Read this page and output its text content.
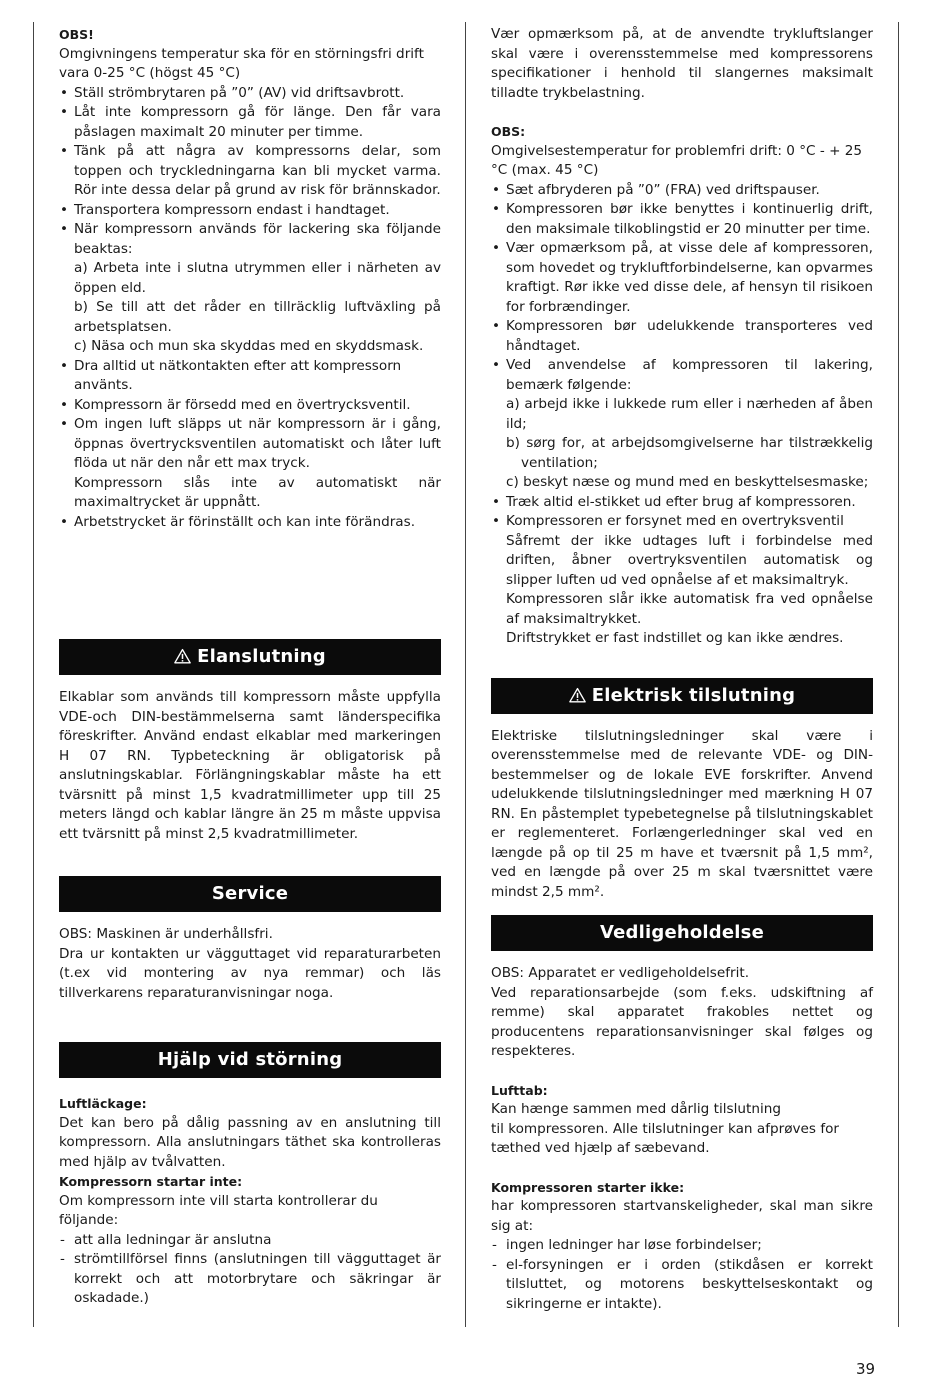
OBS!

Omgivningens temperatur ska för en störningsfri drift vara 0-25 °C (högst 45 °C)

• Ställ strömbrytaren på ”0” (AV) vid driftsavbrott.

• Låt inte kompressorn gå för länge. Den får vara påslagen maximalt 20 minuter per timme.

• Tänk på att några av kompressorns delar, som toppen och tryckledningarna kan bli mycket varma. Rör inte dessa delar på grund av risk för brännskador.

• Transportera kompressorn endast i handtaget.

• När kompressorn används för lackering ska följande beaktas:

a) Arbeta inte i slutna utrymmen eller i närheten av öppen eld.

b) Se till att det råder en tillräcklig luftväxling på arbetsplatsen.

c) Näsa och mun ska skyddas med en skyddsmask.

• Dra alltid ut nätkontakten efter att kompressorn använts.

• Kompressorn är försedd med en övertrycksventil.

• Om ingen luft släpps ut när kompressorn är i gång, öppnas övertrycksventilen automatiskt och låter luft flöda ut när den når ett max tryck.

Kompressorn slås inte av automatiskt när maximaltrycket är uppnått.

• Arbetstrycket är förinställt och kan inte förändras.

Elanslutning

Elkablar som används till kompressorn måste uppfylla VDE-och DIN-bestämmelserna samt länderspecifika föreskrifter. Använd endast elkablar med markeringen H 07 RN. Typbeteckning är obligatorisk på anslutningskablar. Förlängningskablar måste ha ett tvärsnitt på minst 1,5 kvadratmillimeter upp till 25 meters längd och kablar längre än 25 m måste uppvisa ett tvärsnitt på minst 2,5 kvadratmillimeter.

Service

OBS: Maskinen är underhållsfri.

Dra ur kontakten ur vägguttaget vid reparaturarbeten (t.ex vid montering av nya remmar) och läs tillverkarens reparaturanvisningar noga.

Hjälp vid störning

Luftläckage:

Det kan bero på dålig passning av en anslutning till kompressorn. Alla anslutningars täthet ska kontrolleras med hjälp av tvålvatten.

Kompressorn startar inte:

Om kompressorn inte vill starta kontrollerar du följande:

- att alla ledningar är anslutna

- strömtillförsel finns (anslutningen till vägguttaget är korrekt och att motorbrytare och säkringar är oskadade.)

Vær opmærksom på, at de anvendte trykluftslanger skal være i overensstemmelse med kompressorens specifikationer i henhold til slangernes maksimalt tilladte trykbelastning.

OBS:

Omgivelsestemperatur for problemfri drift: 0 °C - + 25 °C (max. 45 °C)

• Sæt afbryderen på ”0” (FRA) ved driftspauser.

• Kompressoren bør ikke benyttes i kontinuerlig drift, den maksimale tilkoblingstid er 20 minutter per time.

• Vær opmærksom på, at visse dele af kompressoren, som hovedet og trykluftforbindelserne, kan opvarmes kraftigt. Rør ikke ved disse dele, af hensyn til risikoen for forbrændinger.

• Kompressoren bør udelukkende transporteres ved håndtaget.

• Ved anvendelse af kompressoren til lakering, bemærk følgende:

a) arbejd ikke i lukkede rum eller i nærheden af åben ild;

b) sørg for, at arbejdsomgivelserne har tilstrækkelig ventilation;

c) beskyt næse og mund med en beskyttelsesmaske;

• Træk altid el-stikket ud efter brug af kompressoren.

• Kompressoren er forsynet med en overtryksventil

Såfremt der ikke udtages luft i forbindelse med driften, åbner overtryksventilen automatisk og slipper luften ud ved opnåelse af et maksimaltryk.

Kompressoren slår ikke automatisk fra ved opnåelse af maksimaltrykket.

Driftstrykket er fast indstillet og kan ikke ændres.

Elektrisk tilslutning

Elektriske tilslutningsledninger skal være i overensstemmelse med de relevante VDE- og DIN-bestemmelser og de lokale EVE forskrifter. Anvend udelukkende tilslutningsledninger med mærkning H 07 RN. En påstemplet typebetegnelse på tilslutningskablet er reglementeret. Forlængerledninger skal ved en længde på op til 25 m have et tværsnit på 1,5 mm², ved en længde på over 25 m skal tværsnittet være mindst 2,5 mm².

Vedligeholdelse

OBS: Apparatet er vedligeholdelsefrit.

Ved reparationsarbejde (som f.eks. udskiftning af remme) skal apparatet frakobles nettet og producentens reparationsanvisninger skal følges og respekteres.

Lufttab:

Kan hænge sammen med dårlig tilslutning

til kompressoren. Alle tilslutninger kan afprøves for tæthed ved hjælp af sæbevand.

Kompressoren starter ikke:

har kompressoren startvanskeligheder, skal man sikre sig at:

- ingen ledninger har løse forbindelser;

- el-forsyningen er i orden (stikdåsen er korrekt tilsluttet, og motorens beskyttelseskontakt og sikringerne er intakte).

39
